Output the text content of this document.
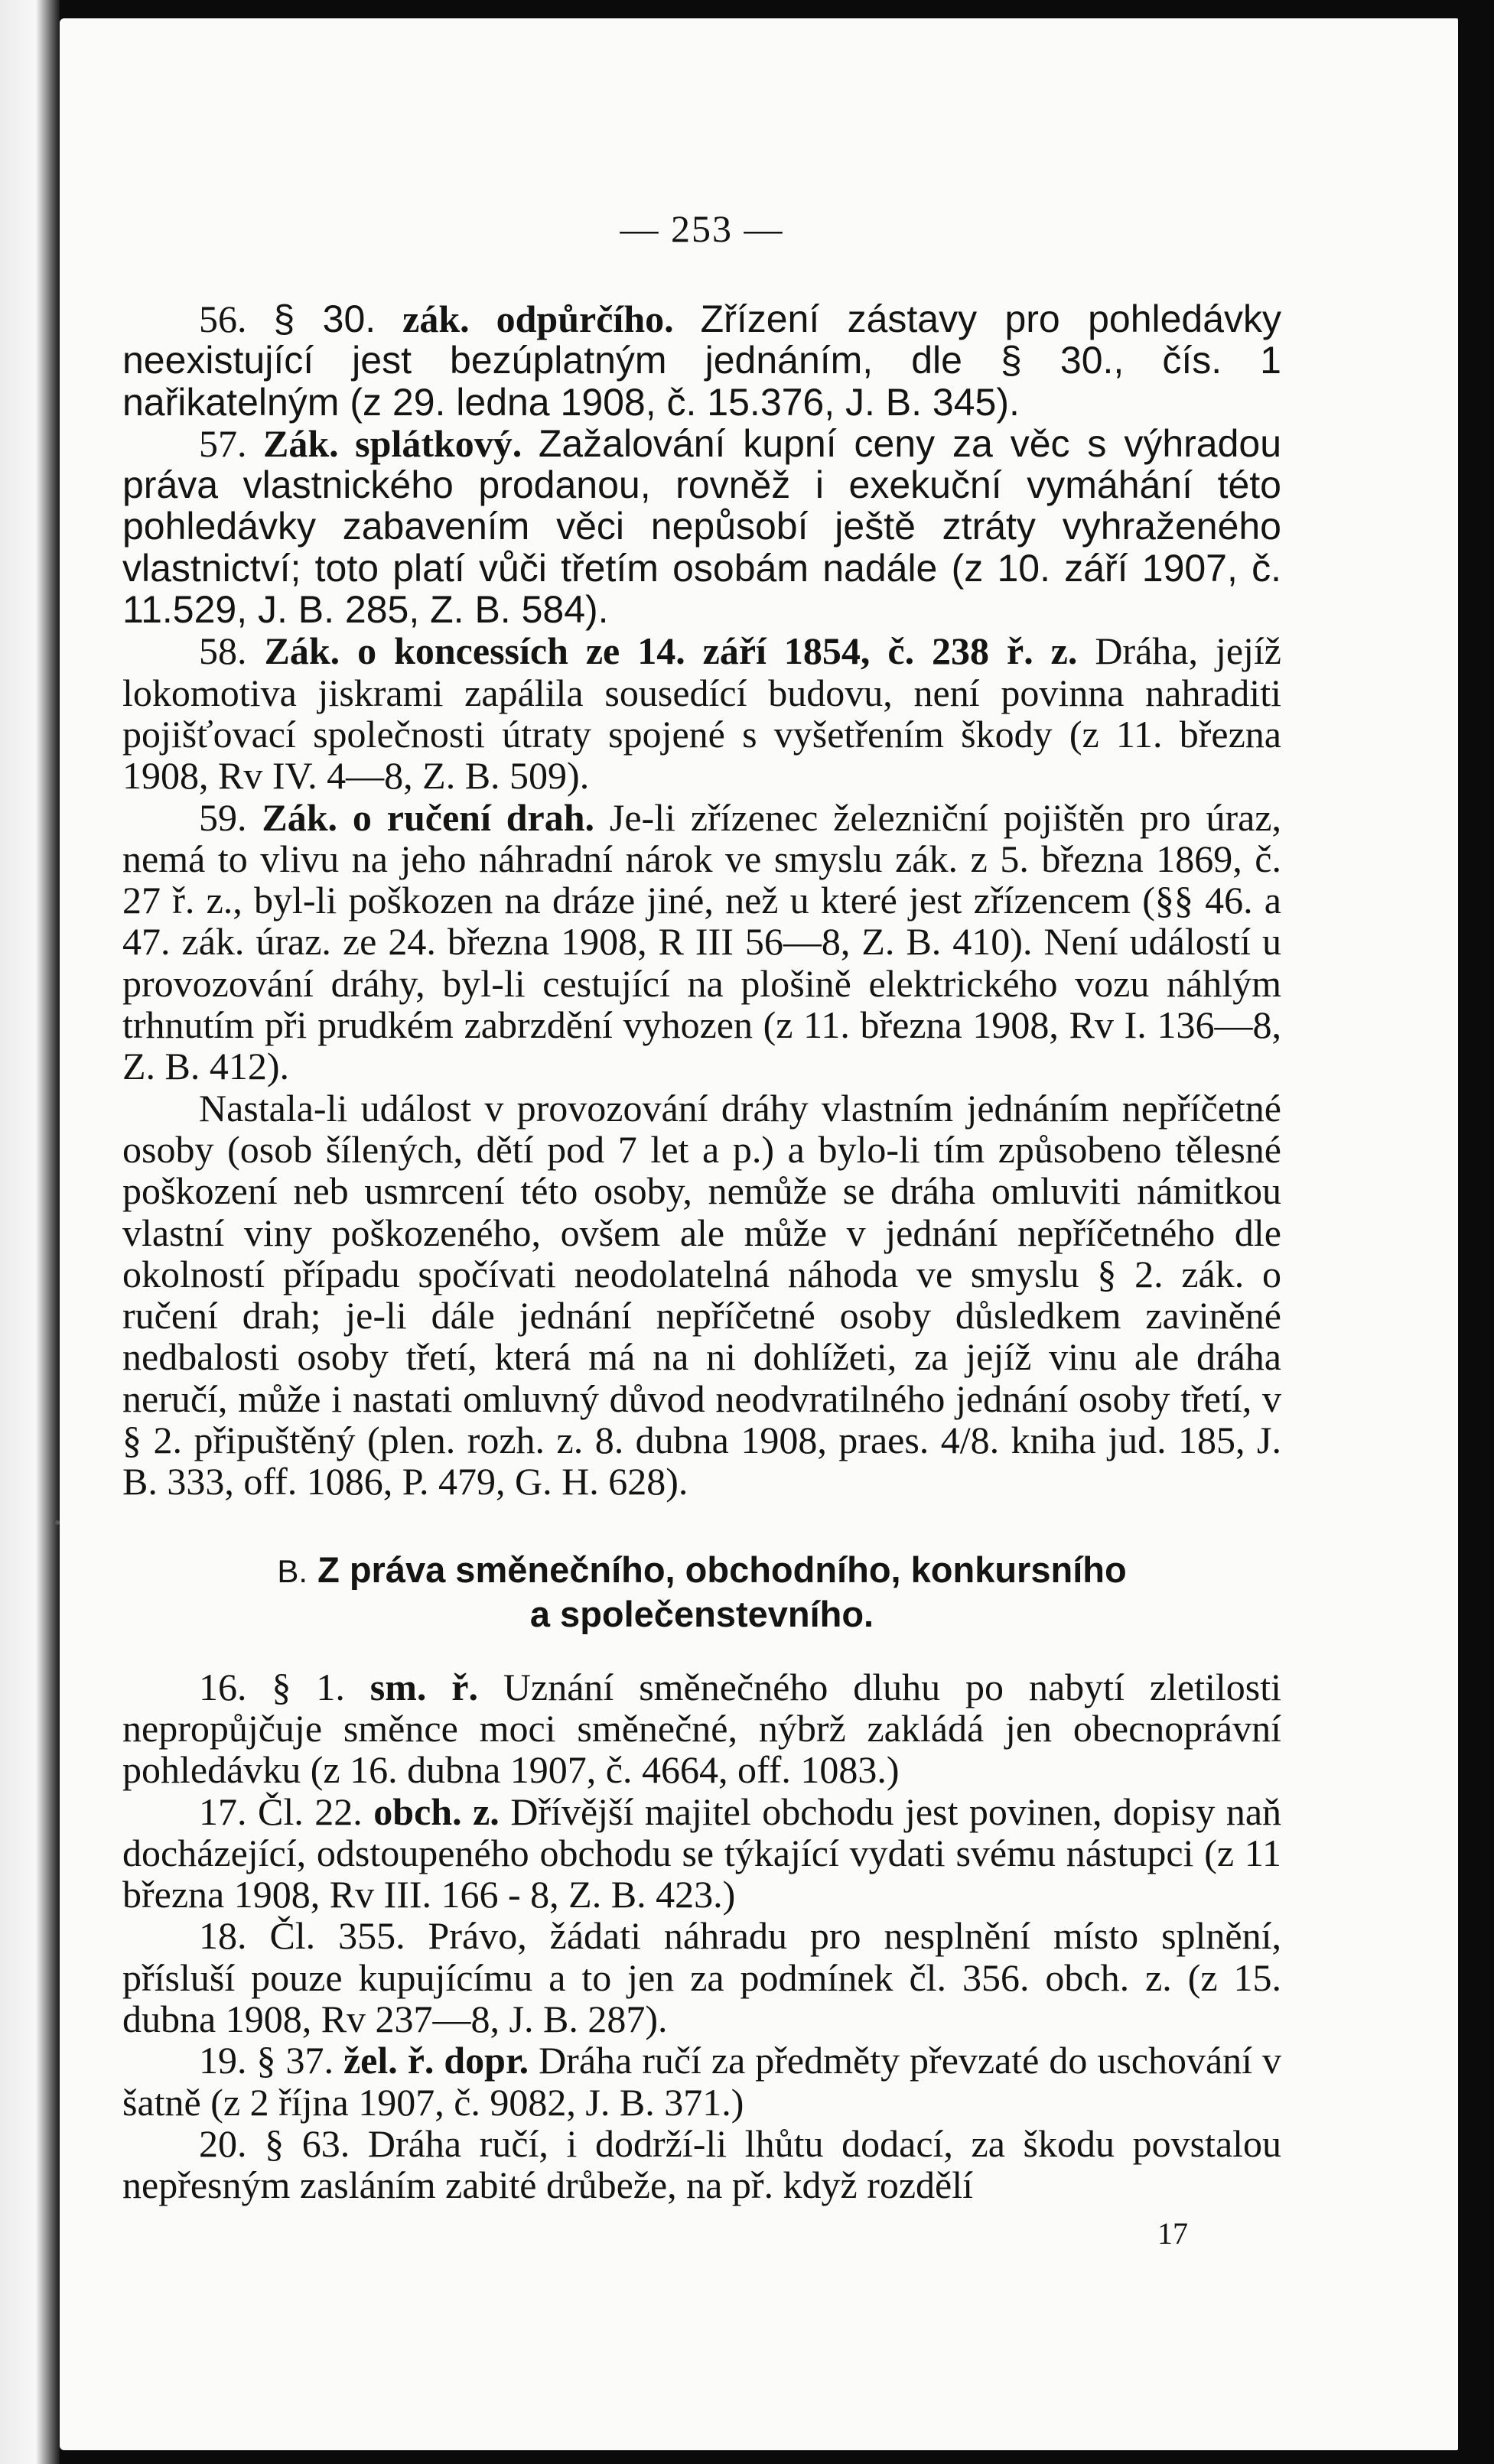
— 253 —

56. § 30. zák. odpůrčího. Zřízení zástavy pro pohledávky neexistující jest bezúplatným jednáním, dle § 30., čís. 1 nařikatelným (z 29. ledna 1908, č. 15.376, J. B. 345).

57. Zák. splátkový. Zažalování kupní ceny za věc s výhradou práva vlastnického prodanou, rovněž i exekuční vymáhání této pohledávky zabavením věci nepůsobí ještě ztráty vyhraženého vlastnictví; toto platí vůči třetím osobám nadále (z 10. září 1907, č. 11.529, J. B. 285, Z. B. 584).

58. Zák. o koncessích ze 14. září 1854, č. 238 ř. z. Dráha, jejíž lokomotiva jiskrami zapálila sousedící budovu, není povinna nahraditi pojišťovací společnosti útraty spojené s vyšetřením škody (z 11. března 1908, Rv IV. 4—8, Z. B. 509).

59. Zák. o ručení drah. Je-li zřízenec železniční pojištěn pro úraz, nemá to vlivu na jeho náhradní nárok ve smyslu zák. z 5. března 1869, č. 27 ř. z., byl-li poškozen na dráze jiné, než u které jest zřízencem (§§ 46. a 47. zák. úraz. ze 24. března 1908, R III 56—8, Z. B. 410). Není událostí u provozování dráhy, byl-li cestující na plošině elektrického vozu náhlým trhnutím při prudkém zabrzdění vyhozen (z 11. března 1908, Rv I. 136—8, Z. B. 412).

Nastala-li událost v provozování dráhy vlastním jednáním nepříčetné osoby (osob šílených, dětí pod 7 let a p.) a bylo-li tím způsobeno tělesné poškození neb usmrcení této osoby, nemůže se dráha omluviti námitkou vlastní viny poškozeného, ovšem ale může v jednání nepříčetného dle okolností případu spočívati neodolatelná náhoda ve smyslu § 2. zák. o ručení drah; je-li dále jednání nepříčetné osoby důsledkem zaviněné nedbalosti osoby třetí, která má na ni dohlížeti, za jejíž vinu ale dráha neručí, může i nastati omluvný důvod neodvratilného jednání osoby třetí, v § 2. připuštěný (plen. rozh. z. 8. dubna 1908, praes. 4/8. kniha jud. 185, J. B. 333, off. 1086, P. 479, G. H. 628).

B. Z práva směnečního, obchodního, konkursního
a společenstevního.

16. § 1. sm. ř. Uznání směnečného dluhu po nabytí zletilosti nepropůjčuje směnce moci směnečné, nýbrž zakládá jen obecnoprávní pohledávku (z 16. dubna 1907, č. 4664, off. 1083.)

17. Čl. 22. obch. z. Dřívější majitel obchodu jest povinen, dopisy naň docházející, odstoupeného obchodu se týkající vydati svému nástupci (z 11 března 1908, Rv III. 166 - 8, Z. B. 423.)

18. Čl. 355. Právo, žádati náhradu pro nesplnění místo splnění, přísluší pouze kupujícímu a to jen za podmínek čl. 356. obch. z. (z 15. dubna 1908, Rv 237—8, J. B. 287).

19. § 37. žel. ř. dopr. Dráha ručí za předměty převzaté do uschování v šatně (z 2 října 1907, č. 9082, J. B. 371.)

20. § 63. Dráha ručí, i dodrží-li lhůtu dodací, za škodu povstalou nepřesným zasláním zabité drůbeže, na př. když rozdělí

17
